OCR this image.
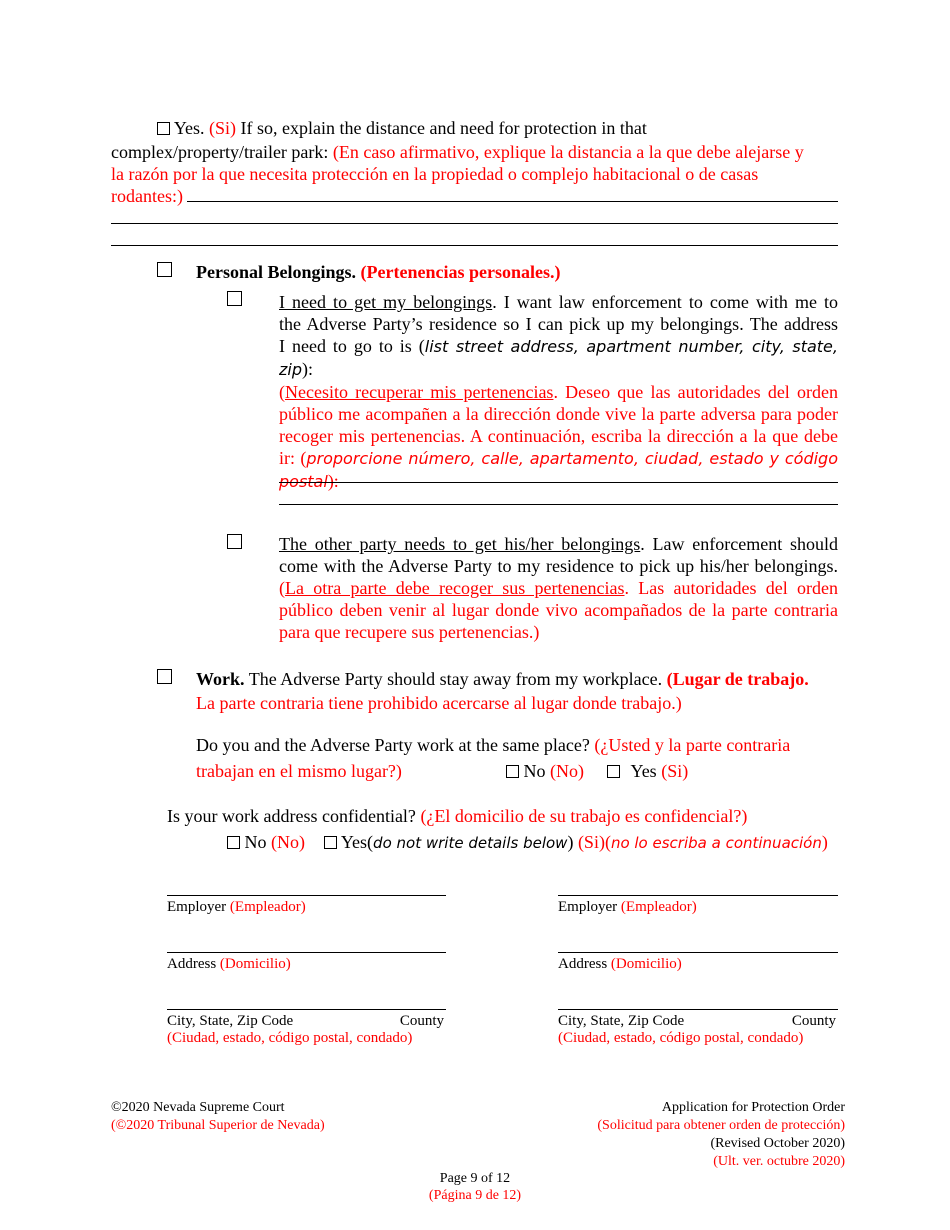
Yes. (Si) If so, explain the distance and need for protection in that
complex/property/trailer park: (En caso afirmativo, explique la distancia a la que debe alejarse y
la razón por la que necesita protección en la propiedad o complejo habitacional o de casas
rodantes:)
Personal Belongings. (Pertenencias personales.)
I need to get my belongings. I want law enforcement to come with me to
the Adverse Party’s residence so I can pick up my belongings. The address
I need to go to is (list street address, apartment number, city, state, zip):
(Necesito recuperar mis pertenencias. Deseo que las autoridades del orden
público me acompañen a la dirección donde vive la parte adversa para poder
recoger mis pertenencias. A continuación, escriba la dirección a la que debe
ir: (proporcione número, calle, apartamento, ciudad, estado y código
postal):
The other party needs to get his/her belongings. Law enforcement should
come with the Adverse Party to my residence to pick up his/her belongings.
(La otra parte debe recoger sus pertenencias. Las autoridades del orden
público deben venir al lugar donde vivo acompañados de la parte contraria
para que recupere sus pertenencias.)
Work. The Adverse Party should stay away from my workplace. (Lugar de trabajo.
La parte contraria tiene prohibido acercarse al lugar donde trabajo.)
Do you and the Adverse Party work at the same place? (¿Usted y la parte contraria
trabajan en el mismo lugar?)	No (No)	Yes (Si)
Is your work address confidential? (¿El domicilio de su trabajo es confidencial?)
No (No) Yes(do not write details below) (Si)(no lo escriba a continuación)
Employer (Empleador)
Address (Domicilio)
City, State, Zip Code	County
(Ciudad, estado, código postal, condado)
Employer (Empleador)
Address (Domicilio)
City, State, Zip Code	County
(Ciudad, estado, código postal, condado)
©2020 Nevada Supreme Court
(©2020 Tribunal Superior de Nevada)
Application for Protection Order
(Solicitud para obtener orden de protección)
(Revised October 2020)
(Ult. ver. octubre 2020)
Page 9 of 12
(Página 9 de 12)
